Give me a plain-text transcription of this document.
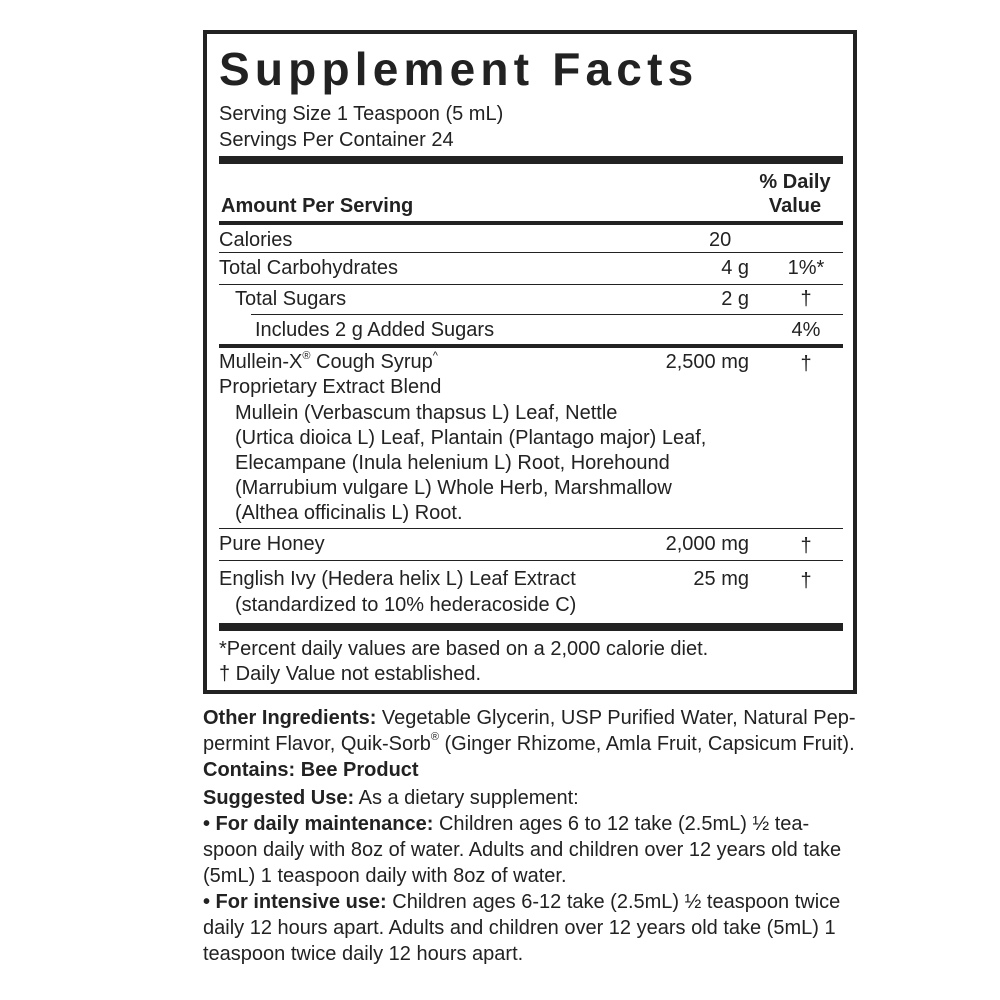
Supplement Facts
Serving Size 1 Teaspoon (5 mL)
Servings Per Container 24
% Daily
Value
Amount Per Serving
Calories	20
Total Carbohydrates	4 g	1%*
Total Sugars	2 g	†
Includes 2 g Added Sugars	4%
Mullein-X® Cough Syrup^	2,500 mg	†
Proprietary Extract Blend
Mullein (Verbascum thapsus L) Leaf, Nettle
(Urtica dioica L) Leaf, Plantain (Plantago major) Leaf,
Elecampane (Inula helenium L) Root, Horehound
(Marrubium vulgare L) Whole Herb, Marshmallow
(Althea officinalis L) Root.
Pure Honey	2,000 mg	†
English Ivy (Hedera helix L) Leaf Extract	25 mg	†
(standardized to 10% hederacoside C)
*Percent daily values are based on a 2,000 calorie diet.
† Daily Value not established.

Other Ingredients: Vegetable Glycerin, USP Purified Water, Natural Pep-

permint Flavor, Quik-Sorb® (Ginger Rhizome, Amla Fruit, Capsicum Fruit).

Contains: Bee Product

Suggested Use: As a dietary supplement:

• For daily maintenance: Children ages 6 to 12 take (2.5mL) ½ tea-

spoon daily with 8oz of water. Adults and children over 12 years old take

(5mL) 1 teaspoon daily with 8oz of water.

• For intensive use: Children ages 6-12 take (2.5mL) ½ teaspoon twice

daily 12 hours apart. Adults and children over 12 years old take (5mL) 1

teaspoon twice daily 12 hours apart.
